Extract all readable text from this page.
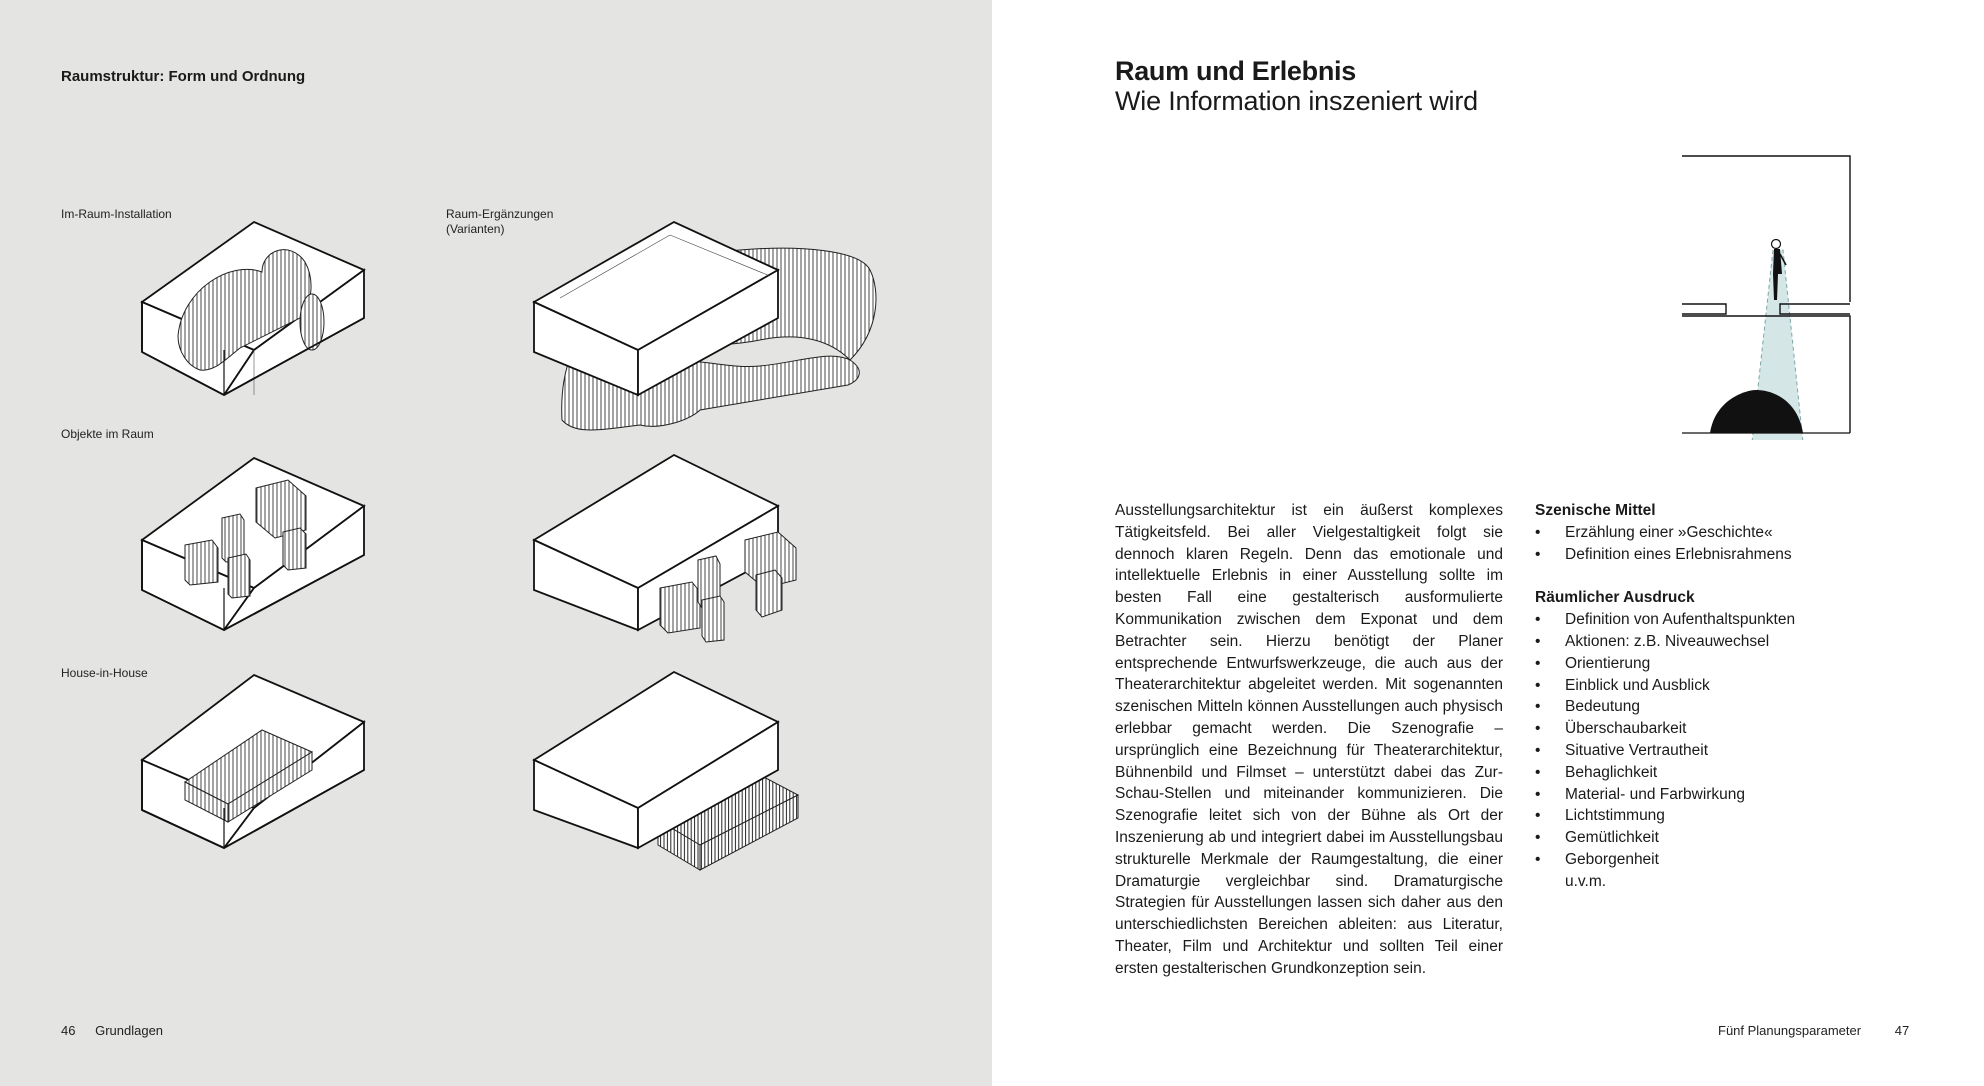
Raumstruktur: Form und Ordnung
Im-Raum-Installation	Raum-Ergänzungen
(Varianten)
Objekte im Raum
House-in-House
46 Grundlagen
Raum und Erlebnis
Wie Information inszeniert wird
Ausstellungsarchitektur ist ein äußerst komplexes Tätigkeitsfeld. Bei aller Vielgestaltigkeit folgt sie dennoch klaren Regeln. Denn das emotionale und intellektuelle Erlebnis in einer Ausstellung sollte im besten Fall eine gestalterisch ausformulierte Kommunikation zwischen dem Exponat und dem Betrachter sein. Hierzu benötigt der Planer entsprechende Entwurfswerkzeuge, die auch aus der Theaterarchitektur abgeleitet werden. Mit sogenannten szenischen Mitteln können Ausstellungen auch physisch erlebbar gemacht werden. Die Szenografie – ursprünglich eine Bezeichnung für Theaterarchitektur, Bühnenbild und Filmset – unterstützt dabei das Zur-Schau-Stellen und miteinander kommunizieren. Die Szenografie leitet sich von der Bühne als Ort der Inszenierung ab und integriert dabei im Ausstellungsbau strukturelle Merkmale der Raumgestaltung, die einer Dramaturgie vergleichbar sind. Dramaturgische Strategien für Ausstellungen lassen sich daher aus den unterschiedlichsten Bereichen ableiten: aus Literatur, Theater, Film und Architektur und sollten Teil einer ersten gestalterischen Grundkonzeption sein.
Szenische Mittel
• Erzählung einer »Geschichte«
• Definition eines Erlebnisrahmens
Räumlicher Ausdruck
• Definition von Aufenthaltspunkten
• Aktionen: z.B. Niveauwechsel
• Orientierung
• Einblick und Ausblick
• Bedeutung
• Überschaubarkeit
• Situative Vertrautheit
• Behaglichkeit
• Material- und Farbwirkung
• Lichtstimmung
• Gemütlichkeit
• Geborgenheit
u.v.m.
Fünf Planungsparameter	47
